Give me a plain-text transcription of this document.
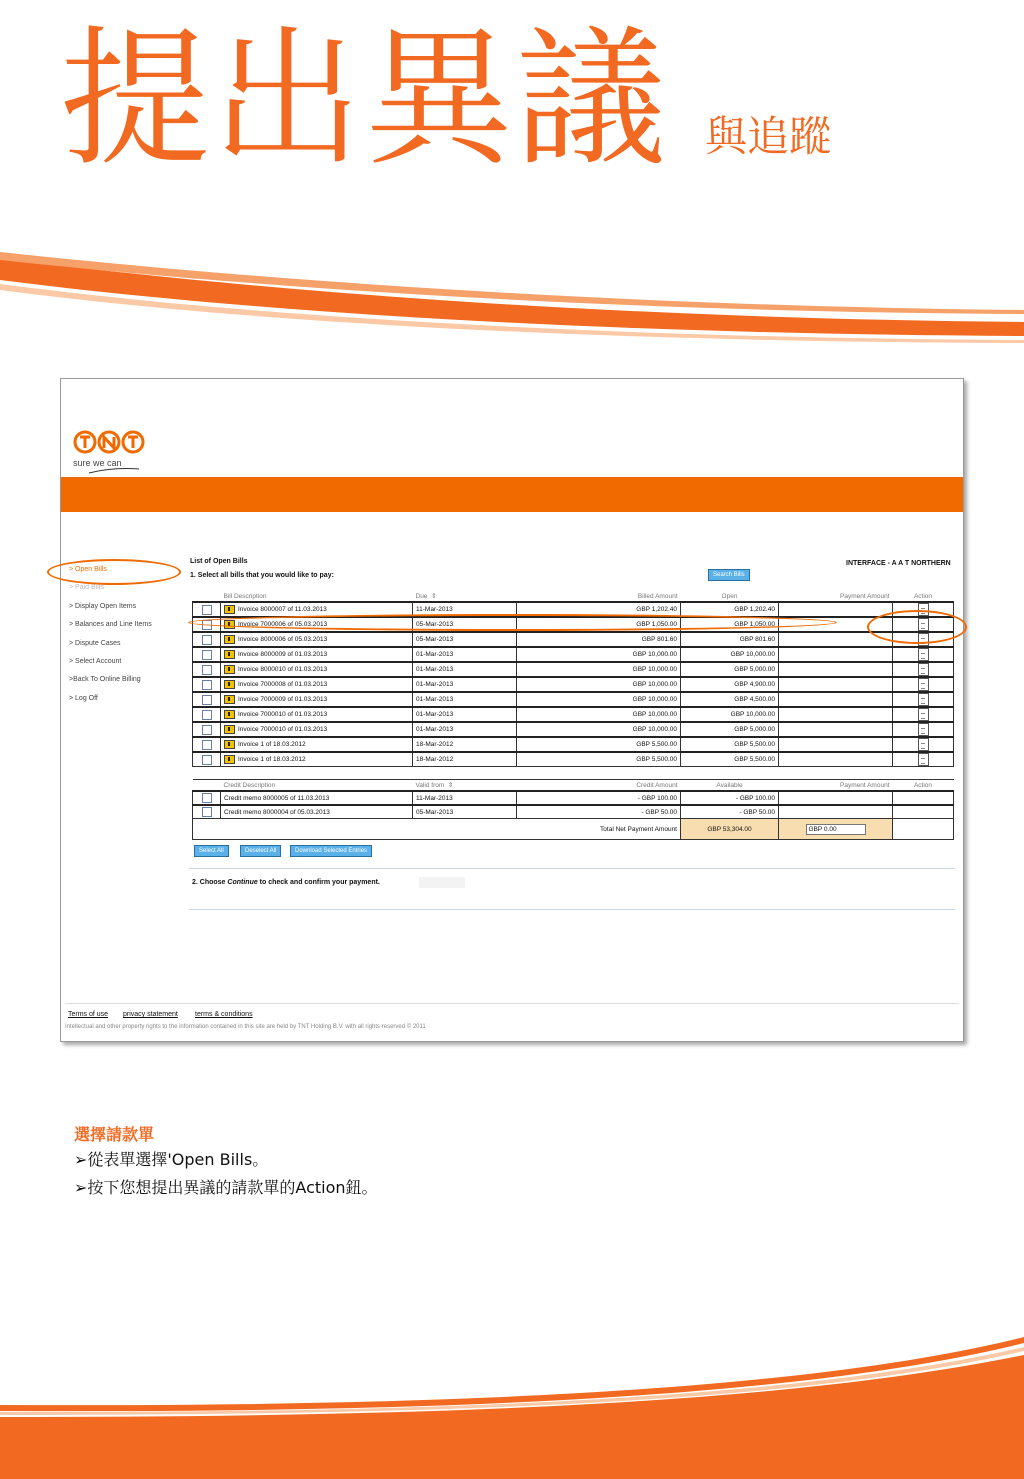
提出異議 與追蹤
sure we can
> Open Bills
> Paid Bills
> Display Open Items
> Balances and Line Items
> Dispute Cases
> Select Account
>Back To Online Billing
> Log Off
List of Open Bills
1. Select all bills that you would like to pay:
INTERFACE - A A T NORTHERN
Search Bills
	Bill Description	Due ⇕	Billed Amount	Open	Payment Amount	Action
	Invoice 8000007 of 11.03.2013	11-Mar-2013	GBP 1,202.40	GBP 1,202.40		
	Invoice 7000006 of 05.03.2013	05-Mar-2013	GBP 1,050.00	GBP 1,050.00		
	Invoice 8000006 of 05.03.2013	05-Mar-2013	GBP 801.60	GBP 801.60		
	Invoice 8000009 of 01.03.2013	01-Mar-2013	GBP 10,000.00	GBP 10,000.00		
	Invoice 8000010 of 01.03.2013	01-Mar-2013	GBP 10,000.00	GBP 5,000.00		
	Invoice 7000008 of 01.03.2013	01-Mar-2013	GBP 10,000.00	GBP 4,900.00		
	Invoice 7000009 of 01.03.2013	01-Mar-2013	GBP 10,000.00	GBP 4,500.00		
	Invoice 7000010 of 01.03.2013	01-Mar-2013	GBP 10,000.00	GBP 10,000.00		
	Invoice 7000010 of 01.03.2013	01-Mar-2013	GBP 10,000.00	GBP 5,000.00		
	Invoice 1 of 18.03.2012	18-Mar-2012	GBP 5,500.00	GBP 5,500.00		
	Invoice 1 of 18.03.2012	18-Mar-2012	GBP 5,500.00	GBP 5,500.00		

	Credit Description	Valid from ⇕	Credit Amount	Available	Payment Amount	Action
	Credit memo 8000005 of 11.03.2013	11-Mar-2013	- GBP 100.00	- GBP 100.00		
	Credit memo 8000004 of 05.03.2013	05-Mar-2013	- GBP 50.00	- GBP 50.00		
			Total Net Payment Amount	GBP 53,304.00	GBP 0.00	
Select All	Deselect All	Download Selected Entries
2. Choose Continue to check and confirm your payment.
Terms of use privacy statement terms & conditions
Intellectual and other property rights to the information contained in this site are held by TNT Holding B.V. with all rights reserved © 2011
選擇請款單
➢從表單選擇'Open Bills。
➢按下您想提出異議的請款單的Action鈕。
